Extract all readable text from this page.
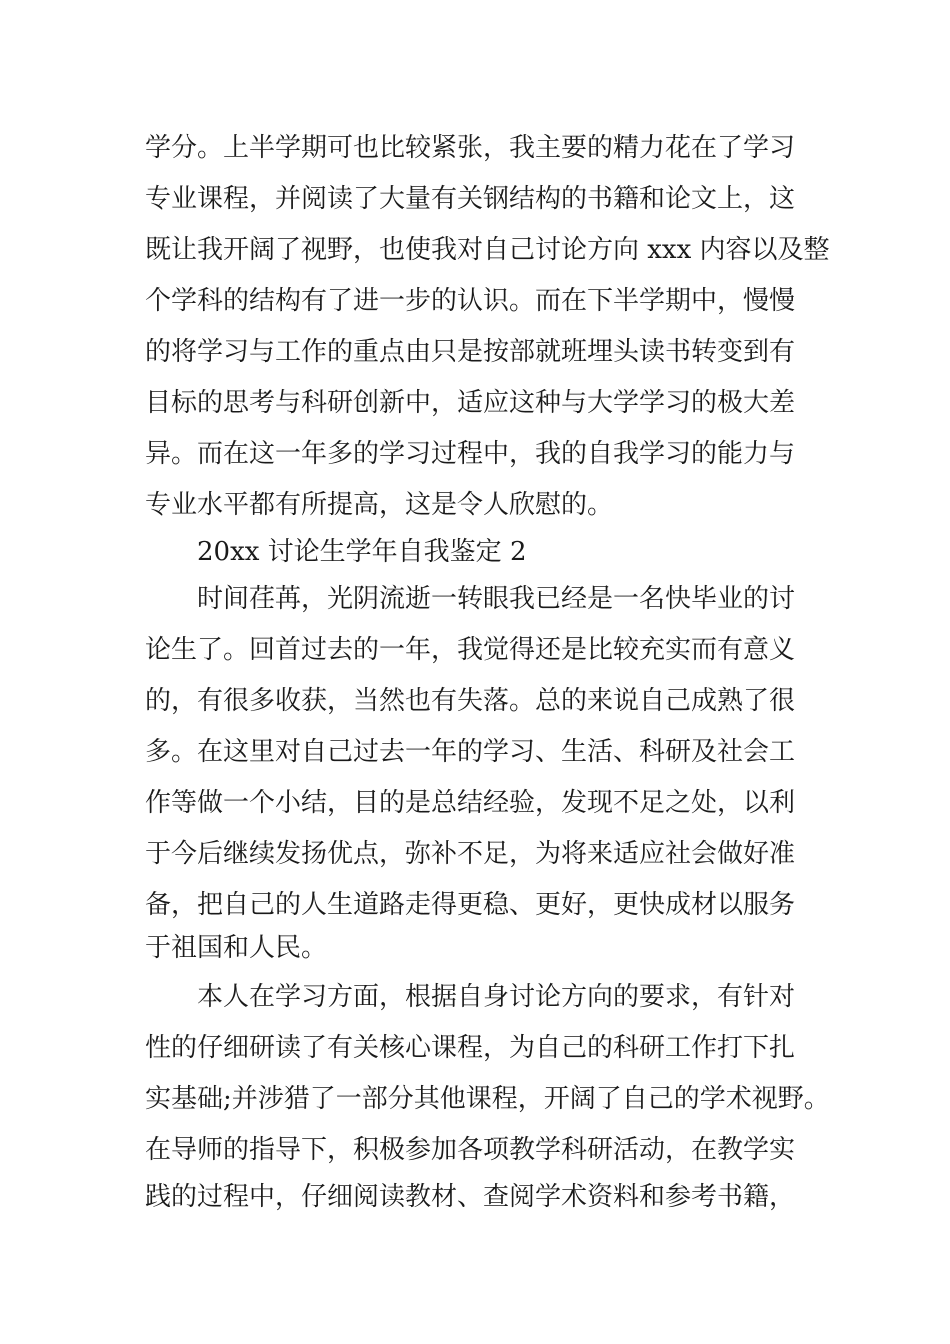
学分。上半学期可也比较紧张，我主要的精力花在了学习

专业课程，并阅读了大量有关钢结构的书籍和论文上，这

既让我开阔了视野，也使我对自己讨论方向 xxx 内容以及整

个学科的结构有了进一步的认识。而在下半学期中，慢慢

的将学习与工作的重点由只是按部就班埋头读书转变到有

目标的思考与科研创新中，适应这种与大学学习的极大差

异。而在这一年多的学习过程中，我的自我学习的能力与

专业水平都有所提高，这是令人欣慰的。

20xx 讨论生学年自我鉴定 2

时间荏苒，光阴流逝一转眼我已经是一名快毕业的讨

论生了。回首过去的一年，我觉得还是比较充实而有意义

的，有很多收获，当然也有失落。总的来说自己成熟了很

多。在这里对自己过去一年的学习、生活、科研及社会工

作等做一个小结，目的是总结经验，发现不足之处，以利

于今后继续发扬优点，弥补不足，为将来适应社会做好准

备，把自己的人生道路走得更稳、更好，更快成材以服务

于祖国和人民。

本人在学习方面，根据自身讨论方向的要求，有针对

性的仔细研读了有关核心课程，为自己的科研工作打下扎

实基础;并涉猎了一部分其他课程，开阔了自己的学术视野。

在导师的指导下，积极参加各项教学科研活动，在教学实

践的过程中，仔细阅读教材、查阅学术资料和参考书籍，
